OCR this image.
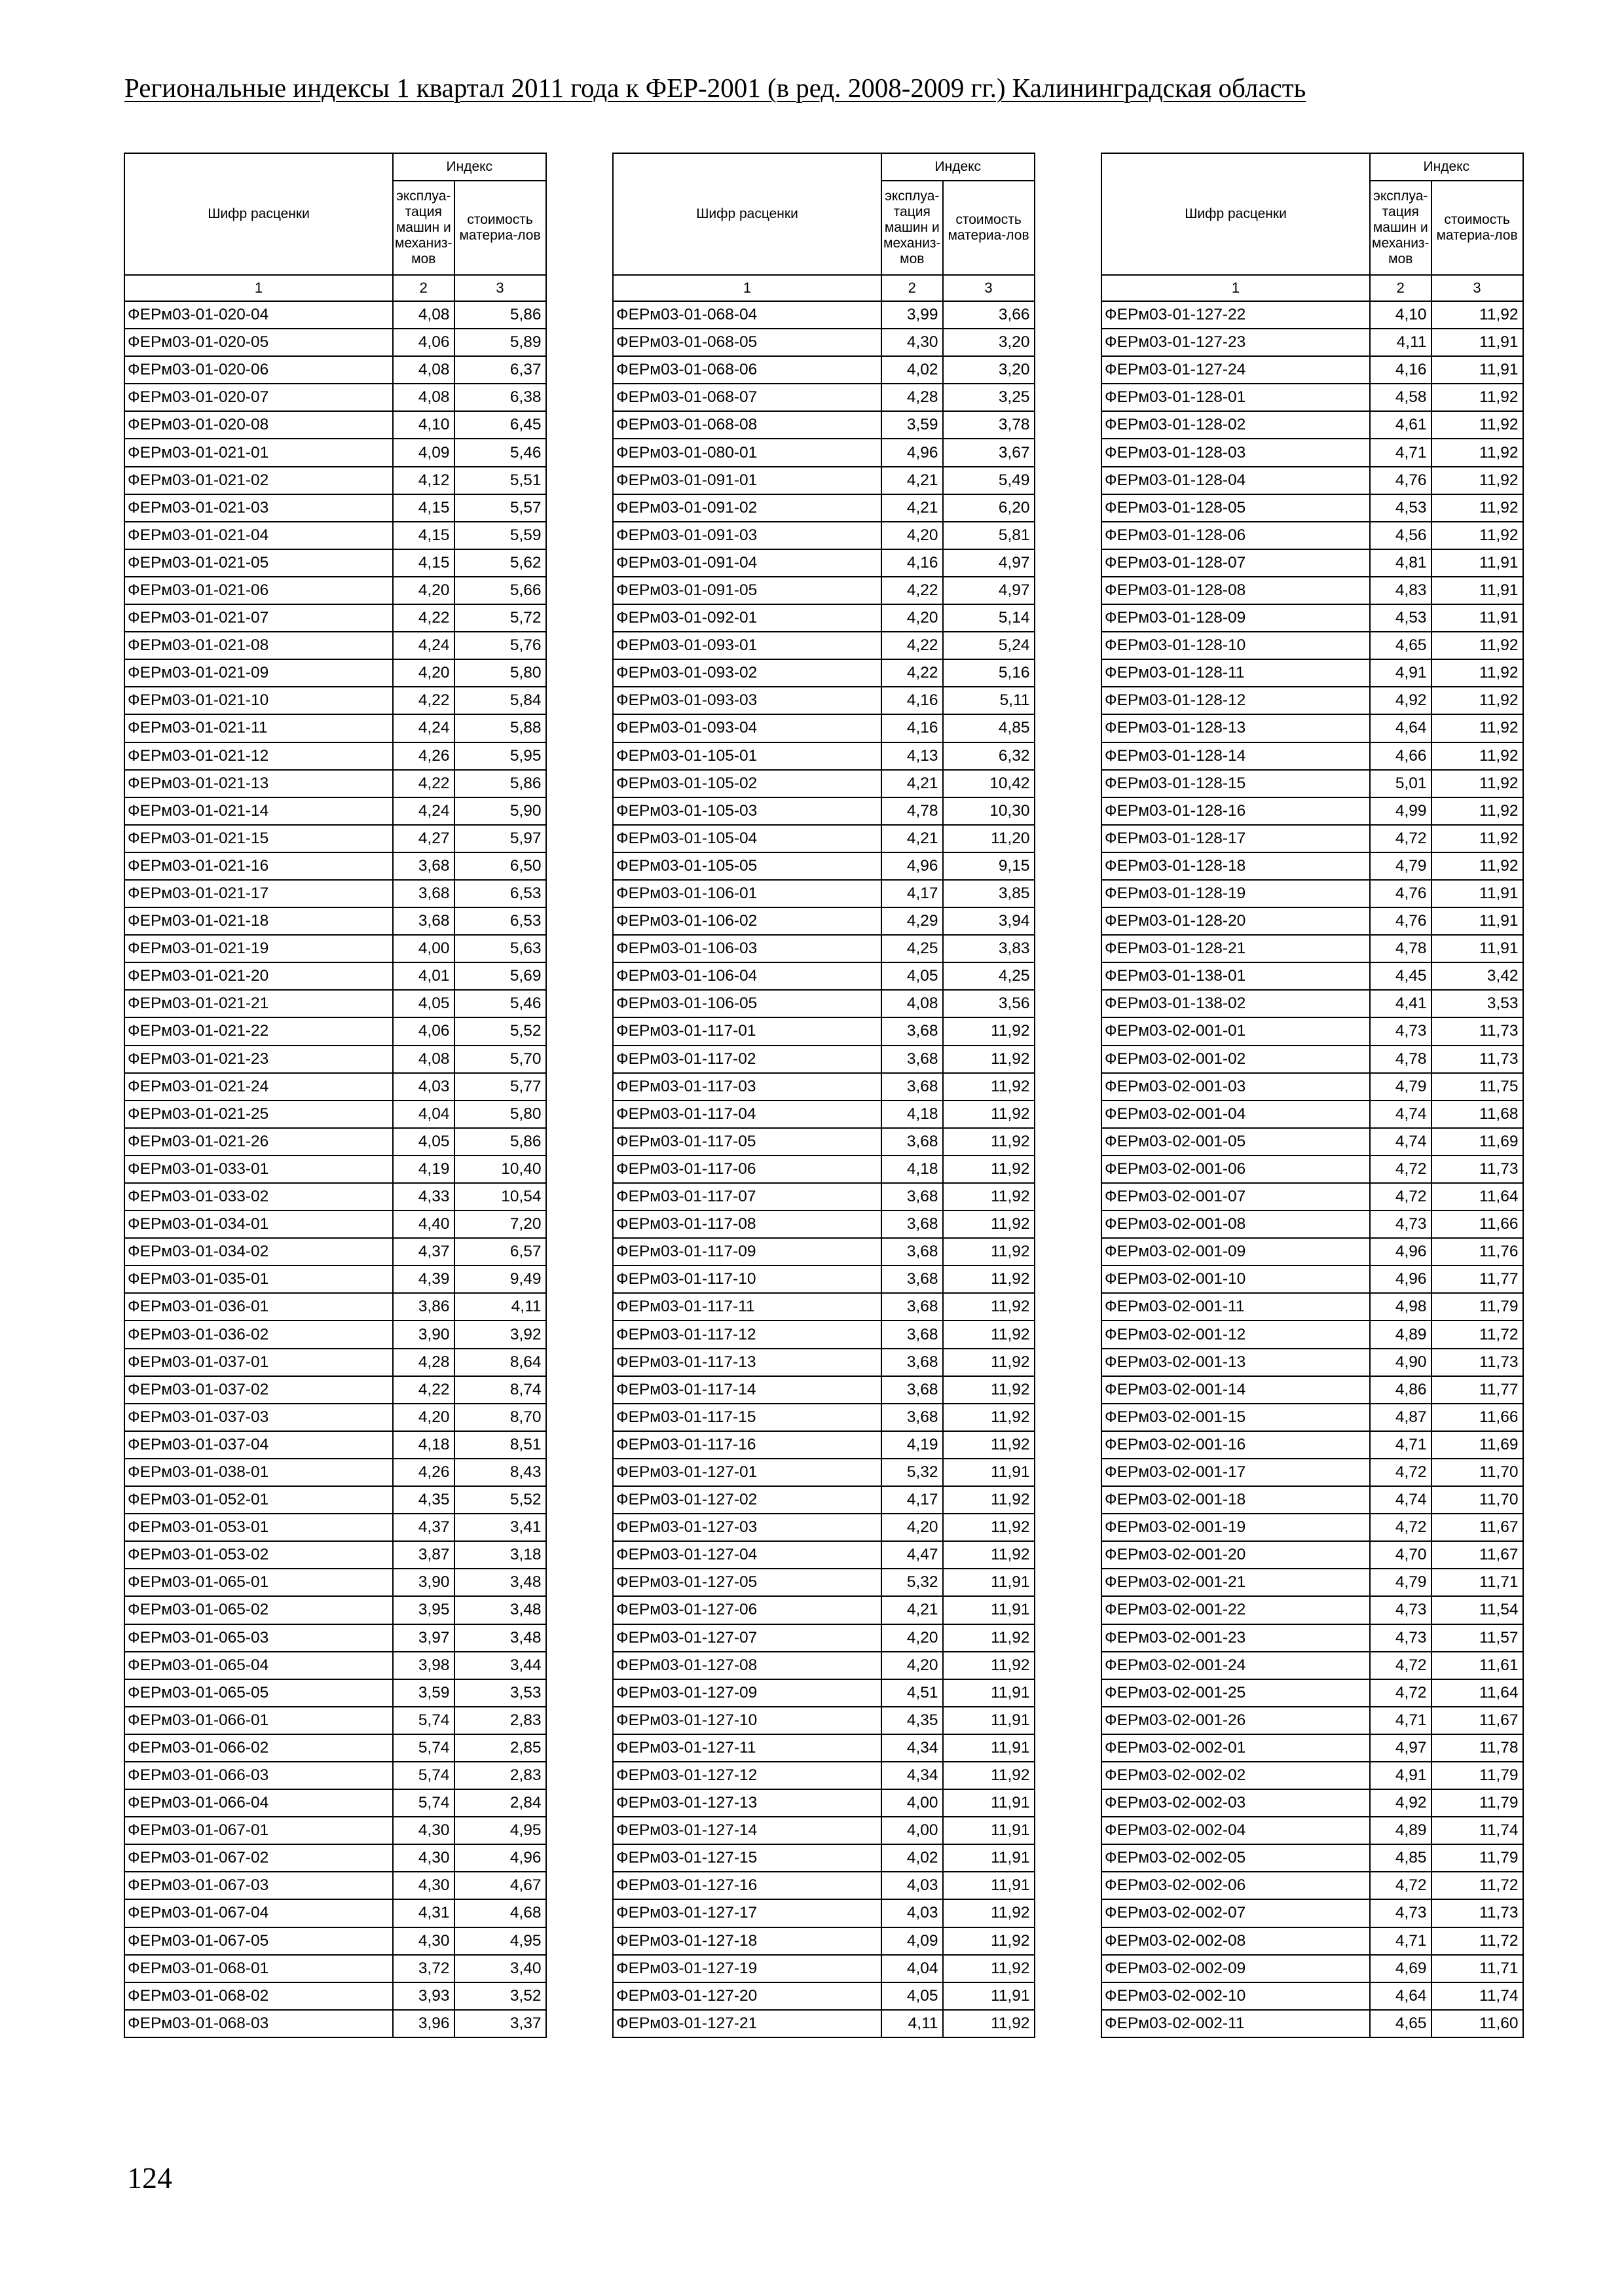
Региональные индексы 1 квартал 2011 года к ФЕР-2001 (в ред. 2008-2009 гг.) Калининградская область
Шифр расценки	Индекс	
	эксплуа-тация машин и механиз-мов	стоимость материа-лов
1	2	3
ФЕРм03-01-020-04	4,08	5,86
ФЕРм03-01-020-05	4,06	5,89
ФЕРм03-01-020-06	4,08	6,37
ФЕРм03-01-020-07	4,08	6,38
ФЕРм03-01-020-08	4,10	6,45
ФЕРм03-01-021-01	4,09	5,46
ФЕРм03-01-021-02	4,12	5,51
ФЕРм03-01-021-03	4,15	5,57
ФЕРм03-01-021-04	4,15	5,59
ФЕРм03-01-021-05	4,15	5,62
ФЕРм03-01-021-06	4,20	5,66
ФЕРм03-01-021-07	4,22	5,72
ФЕРм03-01-021-08	4,24	5,76
ФЕРм03-01-021-09	4,20	5,80
ФЕРм03-01-021-10	4,22	5,84
ФЕРм03-01-021-11	4,24	5,88
ФЕРм03-01-021-12	4,26	5,95
ФЕРм03-01-021-13	4,22	5,86
ФЕРм03-01-021-14	4,24	5,90
ФЕРм03-01-021-15	4,27	5,97
ФЕРм03-01-021-16	3,68	6,50
ФЕРм03-01-021-17	3,68	6,53
ФЕРм03-01-021-18	3,68	6,53
ФЕРм03-01-021-19	4,00	5,63
ФЕРм03-01-021-20	4,01	5,69
ФЕРм03-01-021-21	4,05	5,46
ФЕРм03-01-021-22	4,06	5,52
ФЕРм03-01-021-23	4,08	5,70
ФЕРм03-01-021-24	4,03	5,77
ФЕРм03-01-021-25	4,04	5,80
ФЕРм03-01-021-26	4,05	5,86
ФЕРм03-01-033-01	4,19	10,40
ФЕРм03-01-033-02	4,33	10,54
ФЕРм03-01-034-01	4,40	7,20
ФЕРм03-01-034-02	4,37	6,57
ФЕРм03-01-035-01	4,39	9,49
ФЕРм03-01-036-01	3,86	4,11
ФЕРм03-01-036-02	3,90	3,92
ФЕРм03-01-037-01	4,28	8,64
ФЕРм03-01-037-02	4,22	8,74
ФЕРм03-01-037-03	4,20	8,70
ФЕРм03-01-037-04	4,18	8,51
ФЕРм03-01-038-01	4,26	8,43
ФЕРм03-01-052-01	4,35	5,52
ФЕРм03-01-053-01	4,37	3,41
ФЕРм03-01-053-02	3,87	3,18
ФЕРм03-01-065-01	3,90	3,48
ФЕРм03-01-065-02	3,95	3,48
ФЕРм03-01-065-03	3,97	3,48
ФЕРм03-01-065-04	3,98	3,44
ФЕРм03-01-065-05	3,59	3,53
ФЕРм03-01-066-01	5,74	2,83
ФЕРм03-01-066-02	5,74	2,85
ФЕРм03-01-066-03	5,74	2,83
ФЕРм03-01-066-04	5,74	2,84
ФЕРм03-01-067-01	4,30	4,95
ФЕРм03-01-067-02	4,30	4,96
ФЕРм03-01-067-03	4,30	4,67
ФЕРм03-01-067-04	4,31	4,68
ФЕРм03-01-067-05	4,30	4,95
ФЕРм03-01-068-01	3,72	3,40
ФЕРм03-01-068-02	3,93	3,52
ФЕРм03-01-068-03	3,96	3,37
Шифр расценки	Индекс	
	эксплуа-тация машин и механиз-мов	стоимость материа-лов
1	2	3
ФЕРм03-01-068-04	3,99	3,66
ФЕРм03-01-068-05	4,30	3,20
ФЕРм03-01-068-06	4,02	3,20
ФЕРм03-01-068-07	4,28	3,25
ФЕРм03-01-068-08	3,59	3,78
ФЕРм03-01-080-01	4,96	3,67
ФЕРм03-01-091-01	4,21	5,49
ФЕРм03-01-091-02	4,21	6,20
ФЕРм03-01-091-03	4,20	5,81
ФЕРм03-01-091-04	4,16	4,97
ФЕРм03-01-091-05	4,22	4,97
ФЕРм03-01-092-01	4,20	5,14
ФЕРм03-01-093-01	4,22	5,24
ФЕРм03-01-093-02	4,22	5,16
ФЕРм03-01-093-03	4,16	5,11
ФЕРм03-01-093-04	4,16	4,85
ФЕРм03-01-105-01	4,13	6,32
ФЕРм03-01-105-02	4,21	10,42
ФЕРм03-01-105-03	4,78	10,30
ФЕРм03-01-105-04	4,21	11,20
ФЕРм03-01-105-05	4,96	9,15
ФЕРм03-01-106-01	4,17	3,85
ФЕРм03-01-106-02	4,29	3,94
ФЕРм03-01-106-03	4,25	3,83
ФЕРм03-01-106-04	4,05	4,25
ФЕРм03-01-106-05	4,08	3,56
ФЕРм03-01-117-01	3,68	11,92
ФЕРм03-01-117-02	3,68	11,92
ФЕРм03-01-117-03	3,68	11,92
ФЕРм03-01-117-04	4,18	11,92
ФЕРм03-01-117-05	3,68	11,92
ФЕРм03-01-117-06	4,18	11,92
ФЕРм03-01-117-07	3,68	11,92
ФЕРм03-01-117-08	3,68	11,92
ФЕРм03-01-117-09	3,68	11,92
ФЕРм03-01-117-10	3,68	11,92
ФЕРм03-01-117-11	3,68	11,92
ФЕРм03-01-117-12	3,68	11,92
ФЕРм03-01-117-13	3,68	11,92
ФЕРм03-01-117-14	3,68	11,92
ФЕРм03-01-117-15	3,68	11,92
ФЕРм03-01-117-16	4,19	11,92
ФЕРм03-01-127-01	5,32	11,91
ФЕРм03-01-127-02	4,17	11,92
ФЕРм03-01-127-03	4,20	11,92
ФЕРм03-01-127-04	4,47	11,92
ФЕРм03-01-127-05	5,32	11,91
ФЕРм03-01-127-06	4,21	11,91
ФЕРм03-01-127-07	4,20	11,92
ФЕРм03-01-127-08	4,20	11,92
ФЕРм03-01-127-09	4,51	11,91
ФЕРм03-01-127-10	4,35	11,91
ФЕРм03-01-127-11	4,34	11,91
ФЕРм03-01-127-12	4,34	11,92
ФЕРм03-01-127-13	4,00	11,91
ФЕРм03-01-127-14	4,00	11,91
ФЕРм03-01-127-15	4,02	11,91
ФЕРм03-01-127-16	4,03	11,91
ФЕРм03-01-127-17	4,03	11,92
ФЕРм03-01-127-18	4,09	11,92
ФЕРм03-01-127-19	4,04	11,92
ФЕРм03-01-127-20	4,05	11,91
ФЕРм03-01-127-21	4,11	11,92
Шифр расценки	Индекс	
	эксплуа-тация машин и механиз-мов	стоимость материа-лов
1	2	3
ФЕРм03-01-127-22	4,10	11,92
ФЕРм03-01-127-23	4,11	11,91
ФЕРм03-01-127-24	4,16	11,91
ФЕРм03-01-128-01	4,58	11,92
ФЕРм03-01-128-02	4,61	11,92
ФЕРм03-01-128-03	4,71	11,92
ФЕРм03-01-128-04	4,76	11,92
ФЕРм03-01-128-05	4,53	11,92
ФЕРм03-01-128-06	4,56	11,92
ФЕРм03-01-128-07	4,81	11,91
ФЕРм03-01-128-08	4,83	11,91
ФЕРм03-01-128-09	4,53	11,91
ФЕРм03-01-128-10	4,65	11,92
ФЕРм03-01-128-11	4,91	11,92
ФЕРм03-01-128-12	4,92	11,92
ФЕРм03-01-128-13	4,64	11,92
ФЕРм03-01-128-14	4,66	11,92
ФЕРм03-01-128-15	5,01	11,92
ФЕРм03-01-128-16	4,99	11,92
ФЕРм03-01-128-17	4,72	11,92
ФЕРм03-01-128-18	4,79	11,92
ФЕРм03-01-128-19	4,76	11,91
ФЕРм03-01-128-20	4,76	11,91
ФЕРм03-01-128-21	4,78	11,91
ФЕРм03-01-138-01	4,45	3,42
ФЕРм03-01-138-02	4,41	3,53
ФЕРм03-02-001-01	4,73	11,73
ФЕРм03-02-001-02	4,78	11,73
ФЕРм03-02-001-03	4,79	11,75
ФЕРм03-02-001-04	4,74	11,68
ФЕРм03-02-001-05	4,74	11,69
ФЕРм03-02-001-06	4,72	11,73
ФЕРм03-02-001-07	4,72	11,64
ФЕРм03-02-001-08	4,73	11,66
ФЕРм03-02-001-09	4,96	11,76
ФЕРм03-02-001-10	4,96	11,77
ФЕРм03-02-001-11	4,98	11,79
ФЕРм03-02-001-12	4,89	11,72
ФЕРм03-02-001-13	4,90	11,73
ФЕРм03-02-001-14	4,86	11,77
ФЕРм03-02-001-15	4,87	11,66
ФЕРм03-02-001-16	4,71	11,69
ФЕРм03-02-001-17	4,72	11,70
ФЕРм03-02-001-18	4,74	11,70
ФЕРм03-02-001-19	4,72	11,67
ФЕРм03-02-001-20	4,70	11,67
ФЕРм03-02-001-21	4,79	11,71
ФЕРм03-02-001-22	4,73	11,54
ФЕРм03-02-001-23	4,73	11,57
ФЕРм03-02-001-24	4,72	11,61
ФЕРм03-02-001-25	4,72	11,64
ФЕРм03-02-001-26	4,71	11,67
ФЕРм03-02-002-01	4,97	11,78
ФЕРм03-02-002-02	4,91	11,79
ФЕРм03-02-002-03	4,92	11,79
ФЕРм03-02-002-04	4,89	11,74
ФЕРм03-02-002-05	4,85	11,79
ФЕРм03-02-002-06	4,72	11,72
ФЕРм03-02-002-07	4,73	11,73
ФЕРм03-02-002-08	4,71	11,72
ФЕРм03-02-002-09	4,69	11,71
ФЕРм03-02-002-10	4,64	11,74
ФЕРм03-02-002-11	4,65	11,60
124
